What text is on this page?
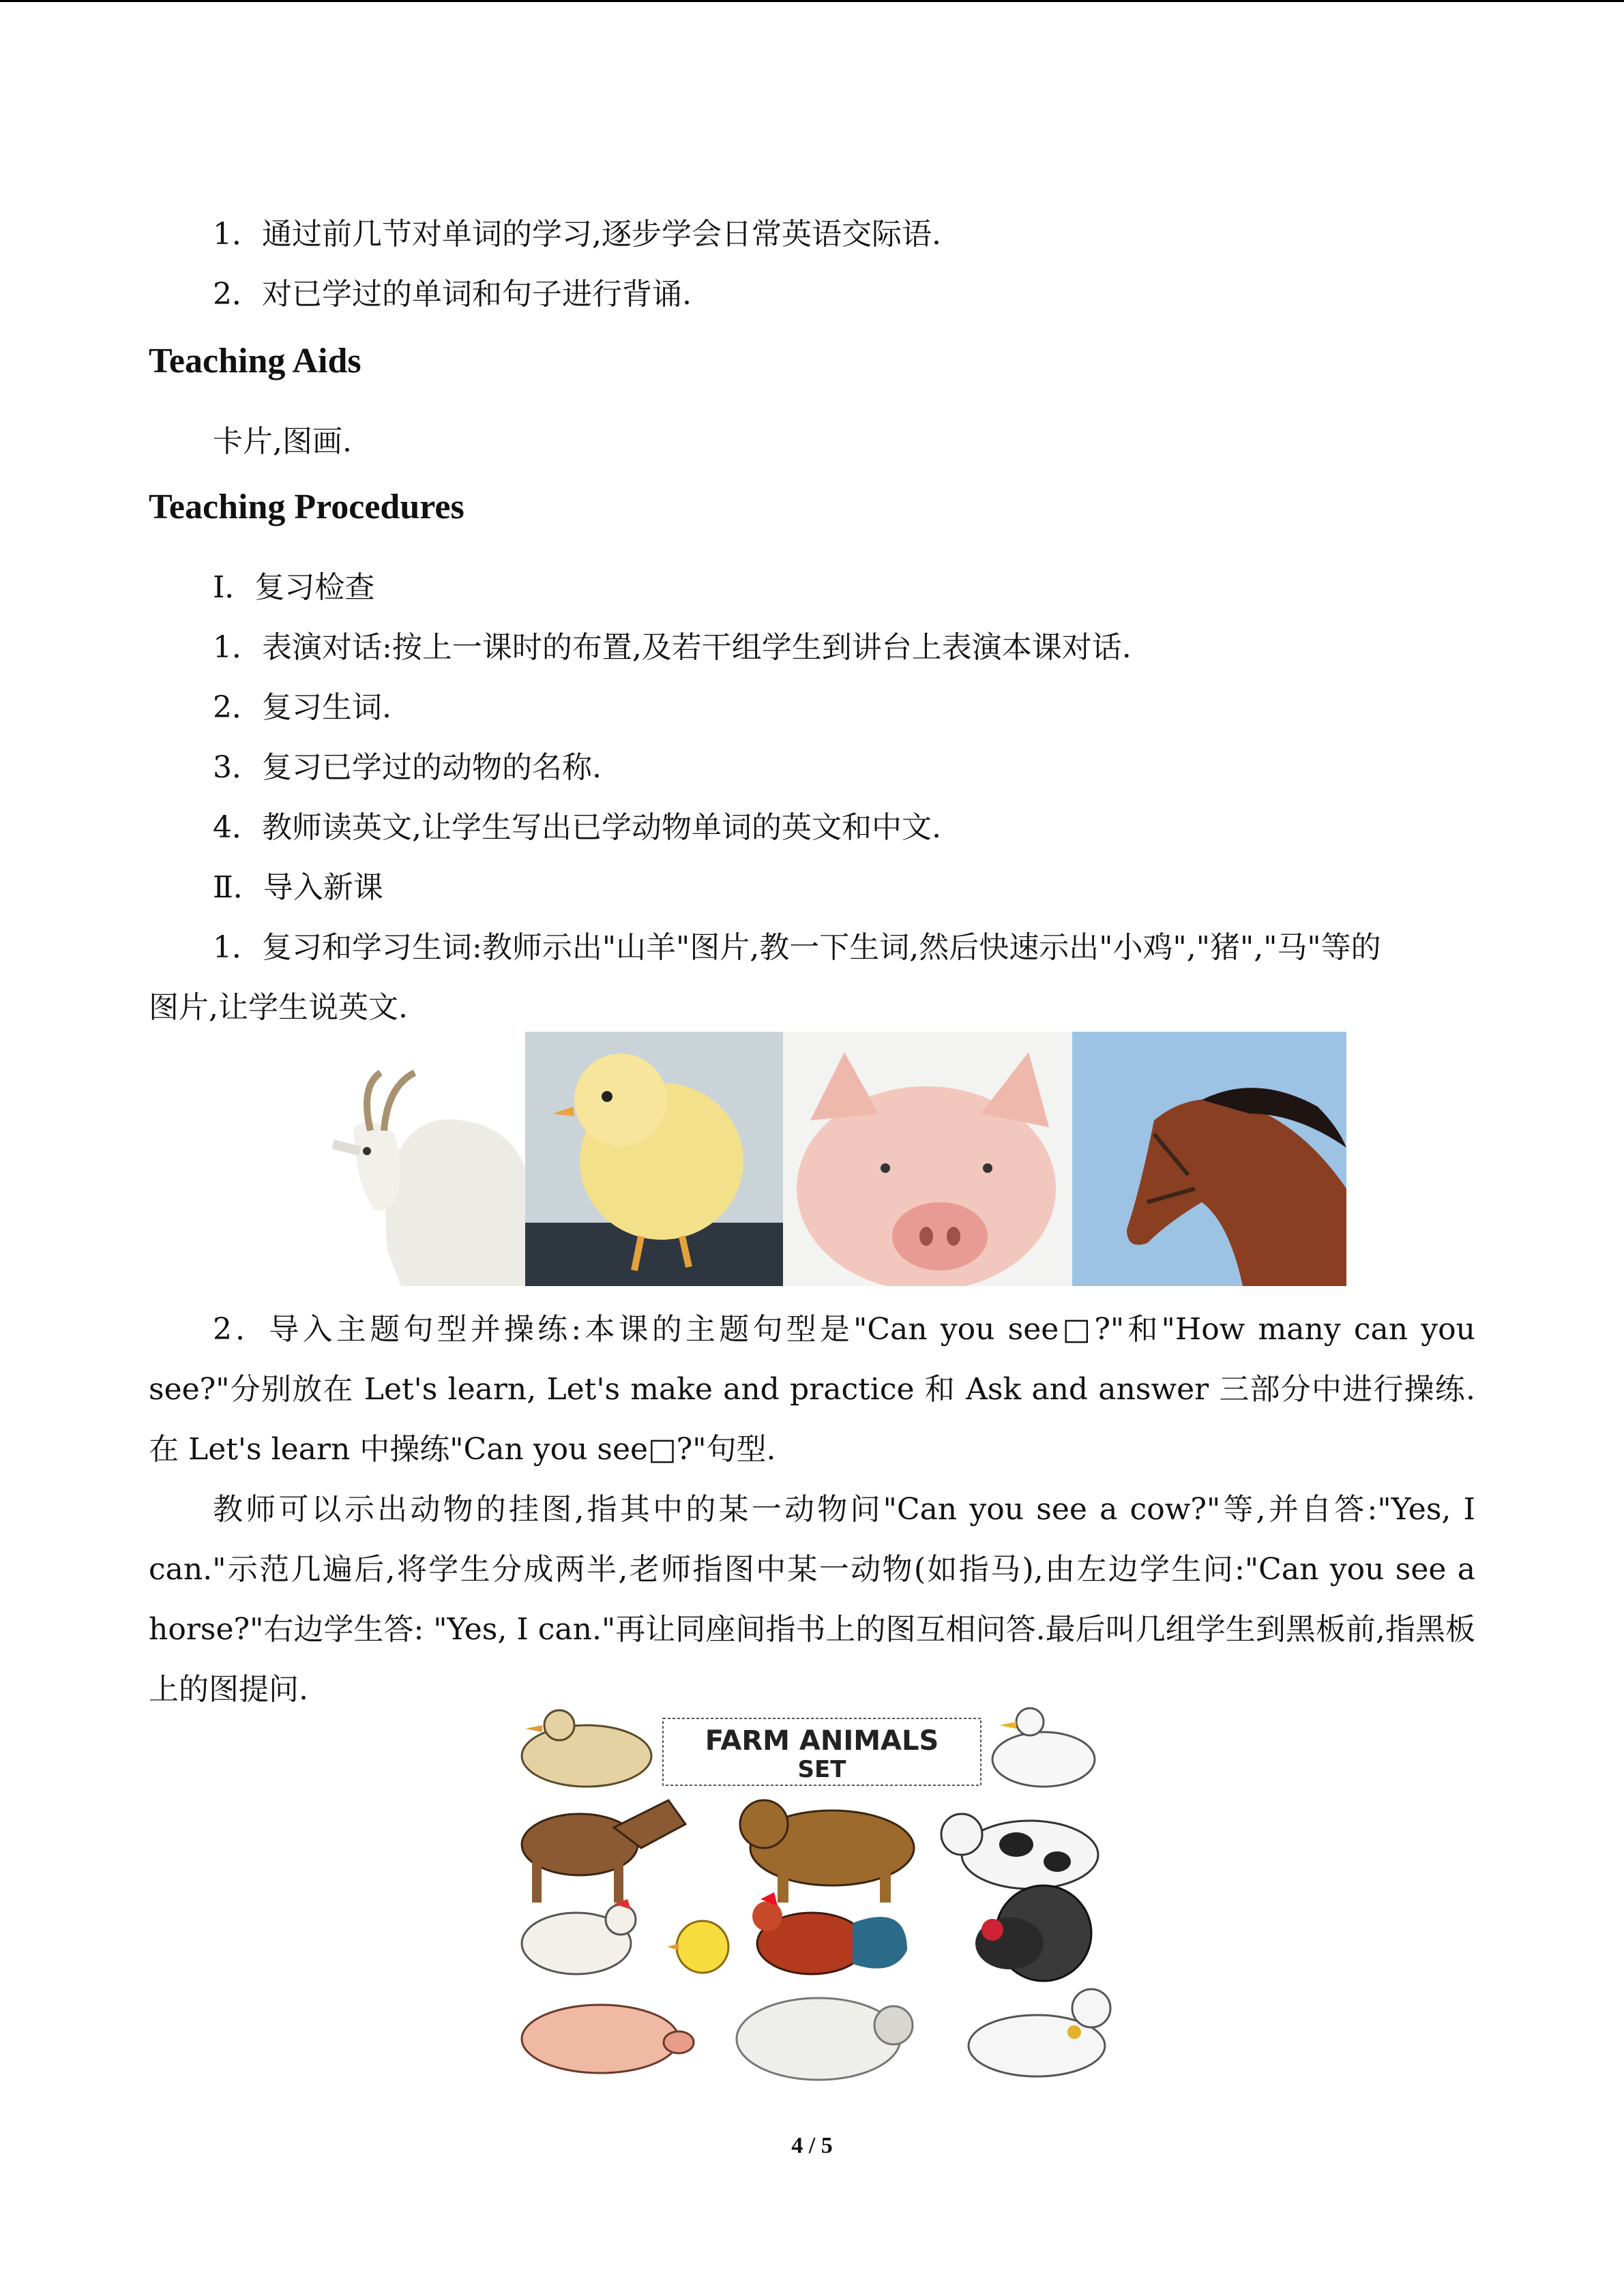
1．通过前几节对单词的学习,逐步学会日常英语交际语.
2．对已学过的单词和句子进行背诵.
Teaching Aids
卡片,图画.
Teaching Procedures
Ⅰ．复习检查
1．表演对话:按上一课时的布置,及若干组学生到讲台上表演本课对话.
2．复习生词.
3．复习已学过的动物的名称.
4．教师读英文,让学生写出已学动物单词的英文和中文.
Ⅱ．导入新课
1．复习和学习生词:教师示出"山羊"图片,教一下生词,然后快速示出"小鸡","猪","马"等的
图片,让学生说英文.
2．导入主题句型并操练:本课的主题句型是"Can you see□?"和"How many can you see?"分别放在 Let's learn, Let's make and practice 和 Ask and answer 三部分中进行操练.在 Let's learn 中操练"Can you see□?"句型.
教师可以示出动物的挂图,指其中的某一动物问"Can you see a cow?"等,并自答:"Yes, I can."示范几遍后,将学生分成两半,老师指图中某一动物(如指马),由左边学生问:"Can you see a horse?"右边学生答: "Yes, I can."再让同座间指书上的图互相问答.最后叫几组学生到黑板前,指黑板上的图提问.
FARM ANIMALS
SET
4 / 5
